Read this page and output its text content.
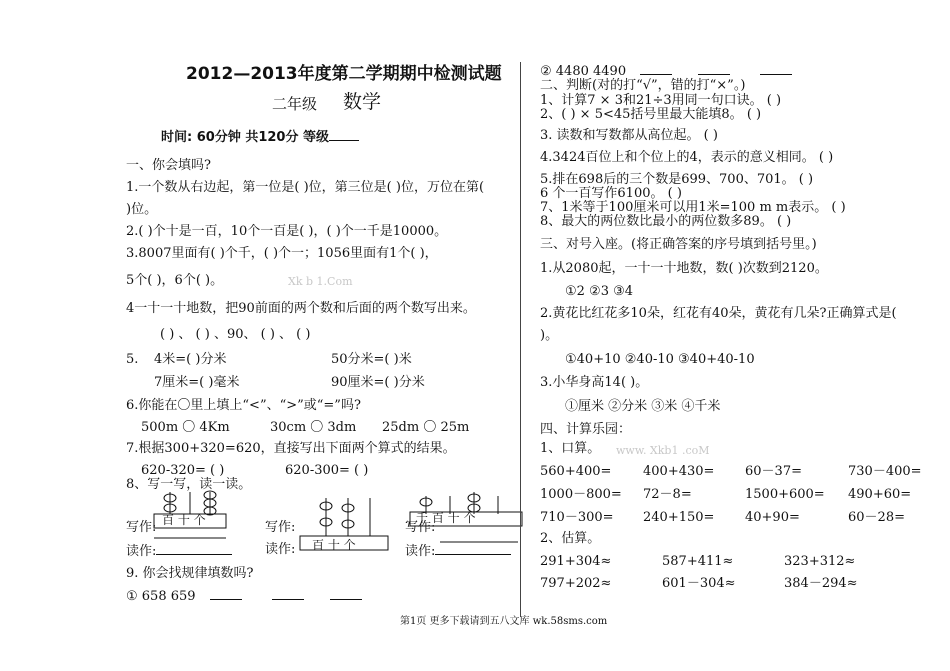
2012—2013年度第二学期期中检测试题
二年级 数学
时间: 60分钟 共120分 等级
一、你会填吗?
1.一个数从右边起，第一位是( )位，第三位是( )位，万位在第(
)位。
2.( )个十是一百，10个一百是( )，( )个一千是10000。
3.8007里面有( )个千，( )个一；1056里面有1个( )，
5个( )，6个( )。	Xk b 1.Com
4一十一十地数，把90前面的两个数和后面的两个数写出来。
( ) 、 ( ) 、90、 ( ) 、 ( )
5. 4米=( )分米	50分米=( )米
7厘米=( )毫米	90厘米=( )分米
6.你能在〇里上填上“<”、“>”或“=”吗?
500m 〇 4Km	30cm 〇 3dm 25dm 〇 25m
7.根据300+320=620，直接写出下面两个算式的结果。
620-320= ( )	620-300= ( )
8、写一写，读一读。
百 十 个
百 十 个
千 百 十 个
写作:	写作:	写作:
读作:	读作:	读作:
9. 你会找规律填数吗?
① 658 659
② 4480 4490
二、判断(对的打“√”，错的打“×”。)
1、计算7 × 3和21÷3用同一句口诀。 ( )
2、( ) × 5<45括号里最大能填8。 ( )
3. 读数和写数都从高位起。 ( )
4.3424百位上和个位上的4，表示的意义相同。 ( )
5.排在698后的三个数是699、700、701。 ( )
6 个一百写作6100。 ( )
7、1米等于100厘米可以用1米=100 m m表示。 ( )
8、最大的两位数比最小的两位数多89。 ( )
三、对号入座。(将正确答案的序号填到括号里。)
1.从2080起，一十一十地数，数( )次数到2120。
①2 ②3 ③4
2.黄花比红花多10朵，红花有40朵，黄花有几朵?正确算式是(
)。
①40+10 ②40-10 ③40+40-10
3.小华身高14( )。
①厘米 ②分米 ③米 ④千米
四、计算乐园：
www. Xkb1 .coM
1、口算。
560+400= 400+430= 60－37=	730－400=
1000－800= 72－8=	1500+600= 490+60=
710－300= 240+150= 40+90=	60－28=
2、估算。
291+304≈	587+411≈	323+312≈
797+202≈	601－304≈	384－294≈
第1页 更多下载请到五八文库 wk.58sms.com
